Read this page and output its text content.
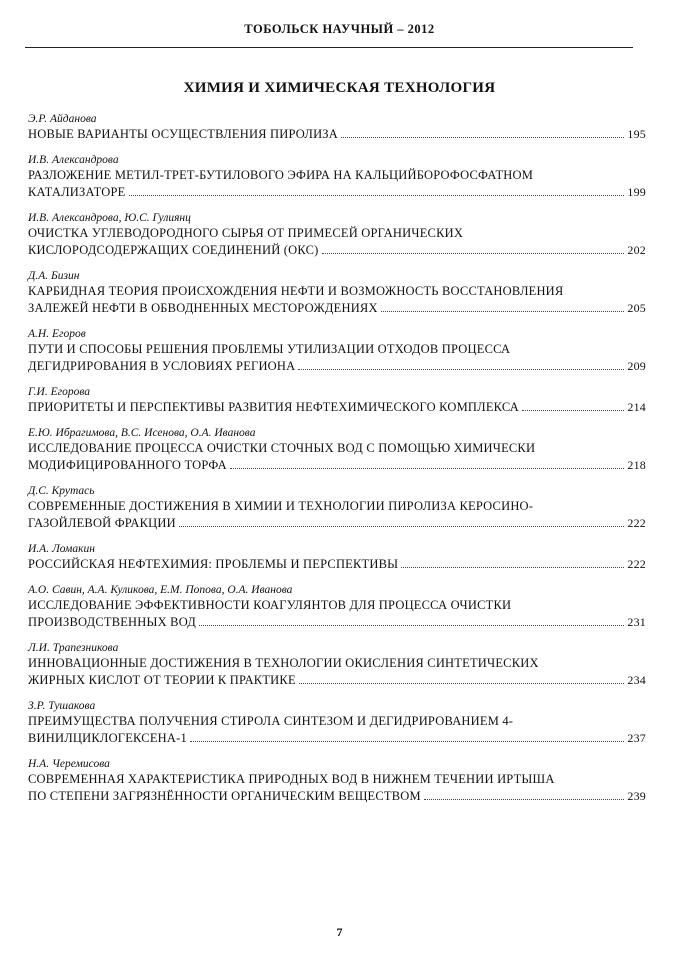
ТОБОЛЬСК НАУЧНЫЙ – 2012
ХИМИЯ И ХИМИЧЕСКАЯ ТЕХНОЛОГИЯ
Э.Р. Айданова
НОВЫЕ ВАРИАНТЫ ОСУЩЕСТВЛЕНИЯ ПИРОЛИЗА	195
И.В. Александрова
РАЗЛОЖЕНИЕ МЕТИЛ-ТРЕТ-БУТИЛОВОГО ЭФИРА НА КАЛЬЦИЙБОРОФОСФАТНОМ
КАТАЛИЗАТОРЕ	199
И.В. Александрова, Ю.С. Гулиянц
ОЧИСТКА УГЛЕВОДОРОДНОГО СЫРЬЯ ОТ ПРИМЕСЕЙ ОРГАНИЧЕСКИХ
КИСЛОРОДСОДЕРЖАЩИХ СОЕДИНЕНИЙ (ОКС)	202
Д.А. Бизин
КАРБИДНАЯ ТЕОРИЯ ПРОИСХОЖДЕНИЯ НЕФТИ И ВОЗМОЖНОСТЬ ВОССТАНОВЛЕНИЯ
ЗАЛЕЖЕЙ НЕФТИ В ОБВОДНЕННЫХ МЕСТОРОЖДЕНИЯХ	205
А.Н. Егоров
ПУТИ И СПОСОБЫ РЕШЕНИЯ ПРОБЛЕМЫ УТИЛИЗАЦИИ ОТХОДОВ ПРОЦЕССА
ДЕГИДРИРОВАНИЯ В УСЛОВИЯХ РЕГИОНА	209
Г.И. Егорова
ПРИОРИТЕТЫ И ПЕРСПЕКТИВЫ РАЗВИТИЯ НЕФТЕХИМИЧЕСКОГО КОМПЛЕКСА	214
Е.Ю. Ибрагимова, В.С. Исенова, О.А. Иванова
ИССЛЕДОВАНИЕ ПРОЦЕССА ОЧИСТКИ СТОЧНЫХ ВОД С ПОМОЩЬЮ ХИМИЧЕСКИ
МОДИФИЦИРОВАННОГО ТОРФА	218
Д.С. Крутась
СОВРЕМЕННЫЕ ДОСТИЖЕНИЯ В ХИМИИ И ТЕХНОЛОГИИ ПИРОЛИЗА КЕРОСИНО-
ГАЗОЙЛЕВОЙ ФРАКЦИИ	222
И.А. Ломакин
РОССИЙСКАЯ НЕФТЕХИМИЯ: ПРОБЛЕМЫ И ПЕРСПЕКТИВЫ	222
А.О. Савин, А.А. Куликова, Е.М. Попова, О.А. Иванова
ИССЛЕДОВАНИЕ ЭФФЕКТИВНОСТИ КОАГУЛЯНТОВ ДЛЯ ПРОЦЕССА ОЧИСТКИ
ПРОИЗВОДСТВЕННЫХ ВОД	231
Л.И. Трапезникова
ИННОВАЦИОННЫЕ ДОСТИЖЕНИЯ В ТЕХНОЛОГИИ ОКИСЛЕНИЯ СИНТЕТИЧЕСКИХ
ЖИРНЫХ КИСЛОТ ОТ ТЕОРИИ К ПРАКТИКЕ	234
З.Р. Тушакова
ПРЕИМУЩЕСТВА ПОЛУЧЕНИЯ СТИРОЛА СИНТЕЗОМ И ДЕГИДРИРОВАНИЕМ 4-
ВИНИЛЦИКЛОГЕКСЕНА-1	237
Н.А. Черемисова
СОВРЕМЕННАЯ ХАРАКТЕРИСТИКА ПРИРОДНЫХ ВОД В НИЖНЕМ ТЕЧЕНИИ ИРТЫША
ПО СТЕПЕНИ ЗАГРЯЗНЁННОСТИ ОРГАНИЧЕСКИМ ВЕЩЕСТВОМ	239
7
